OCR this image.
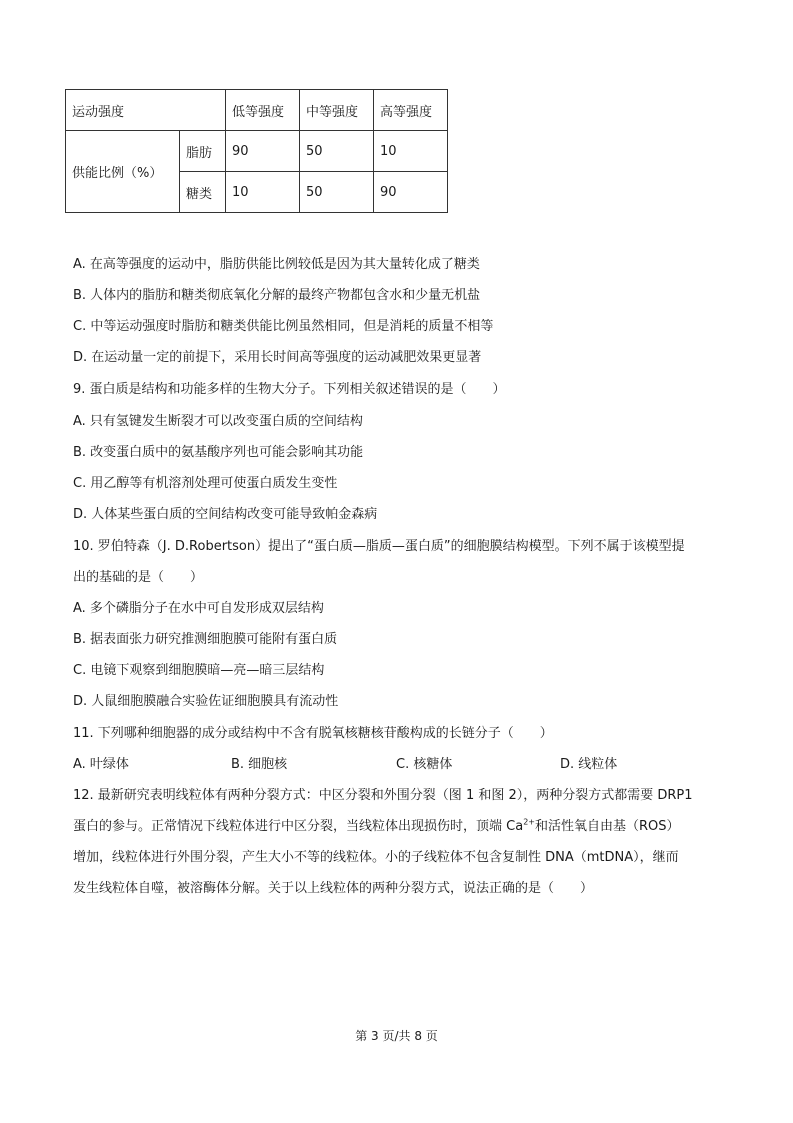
运动强度		低等强度	中等强度	高等强度
供能比例（%）	脂肪	90	50	10
	糖类	10	50	90
A. 在高等强度的运动中，脂肪供能比例较低是因为其大量转化成了糖类
B. 人体内的脂肪和糖类彻底氧化分解的最终产物都包含水和少量无机盐
C. 中等运动强度时脂肪和糖类供能比例虽然相同，但是消耗的质量不相等
D. 在运动量一定的前提下，采用长时间高等强度的运动减肥效果更显著
9. 蛋白质是结构和功能多样的生物大分子。下列相关叙述错误的是（　　）
A. 只有氢键发生断裂才可以改变蛋白质的空间结构
B. 改变蛋白质中的氨基酸序列也可能会影响其功能
C. 用乙醇等有机溶剂处理可使蛋白质发生变性
D. 人体某些蛋白质的空间结构改变可能导致帕金森病
10. 罗伯特森（J. D.Robertson）提出了“蛋白质—脂质—蛋白质”的细胞膜结构模型。下列不属于该模型提
出的基础的是（　　）
A. 多个磷脂分子在水中可自发形成双层结构
B. 据表面张力研究推测细胞膜可能附有蛋白质
C. 电镜下观察到细胞膜暗—亮—暗三层结构
D. 人鼠细胞膜融合实验佐证细胞膜具有流动性
11. 下列哪种细胞器的成分或结构中不含有脱氧核糖核苷酸构成的长链分子（　　）
A. 叶绿体	B. 细胞核	C. 核糖体	D. 线粒体
12. 最新研究表明线粒体有两种分裂方式：中区分裂和外围分裂（图 1 和图 2），两种分裂方式都需要 DRP1
蛋白的参与。正常情况下线粒体进行中区分裂，当线粒体出现损伤时，顶端 $Ca^{2+}$和活性氧自由基（ROS）
增加，线粒体进行外围分裂，产生大小不等的线粒体。小的子线粒体不包含复制性 DNA（mtDNA），继而
发生线粒体自噬，被溶酶体分解。关于以上线粒体的两种分裂方式，说法正确的是（　　）
第 3 页/共 8 页
